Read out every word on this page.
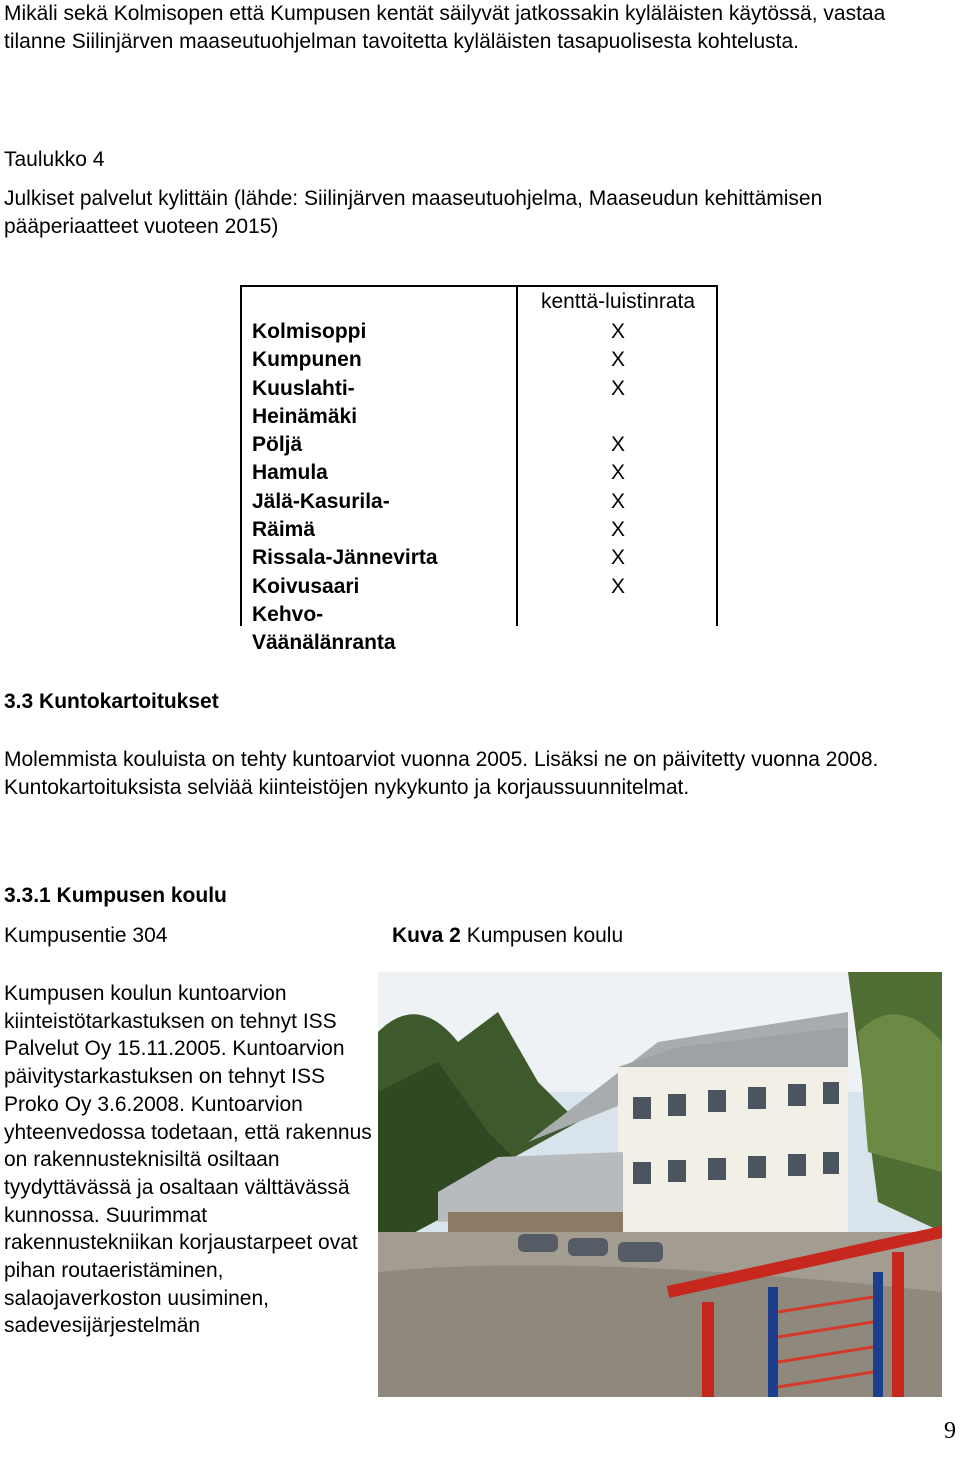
Mikäli sekä Kolmisopen että Kumpusen kentät säilyvät jatkossakin kyläläisten käytössä, vastaa tilanne Siilinjärven maaseutuohjelman tavoitetta kyläläisten tasapuolisesta kohtelusta.

Taulukko 4

Julkiset palvelut kylittäin (lähde: Siilinjärven maaseutuohjelma, Maaseudun kehittämisen pääperiaatteet vuoteen 2015)

kenttä-luistinrata
Kolmisoppi
Kumpunen
Kuuslahti-
Heinämäki
Pöljä
Hamula
Jälä-Kasurila-Räimä
Rissala-Jännevirta
Koivusaari
Kehvo-
Väänälänranta
X
X
X
X
X
X
X
X
X
3.3 Kuntokartoitukset

Molemmista kouluista on tehty kuntoarviot vuonna 2005. Lisäksi ne on päivitetty vuonna 2008. Kuntokartoituksista selviää kiinteistöjen nykykunto ja korjaussuunnitelmat.

3.3.1 Kumpusen koulu
Kumpusentie 304	Kuva 2 Kumpusen koulu

Kumpusen koulun kuntoarvion kiinteistötarkastuksen on tehnyt ISS Palvelut Oy 15.11.2005. Kuntoarvion päivitystarkastuksen on tehnyt ISS Proko Oy 3.6.2008. Kuntoarvion yhteenvedossa todetaan, että rakennus on rakennusteknisiltä osiltaan tyydyttävässä ja osaltaan välttävässä kunnossa. Suurimmat rakennustekniikan korjaustarpeet ovat pihan routaeristäminen, salaojaverkoston uusiminen, sadevesijärjestelmän

9
